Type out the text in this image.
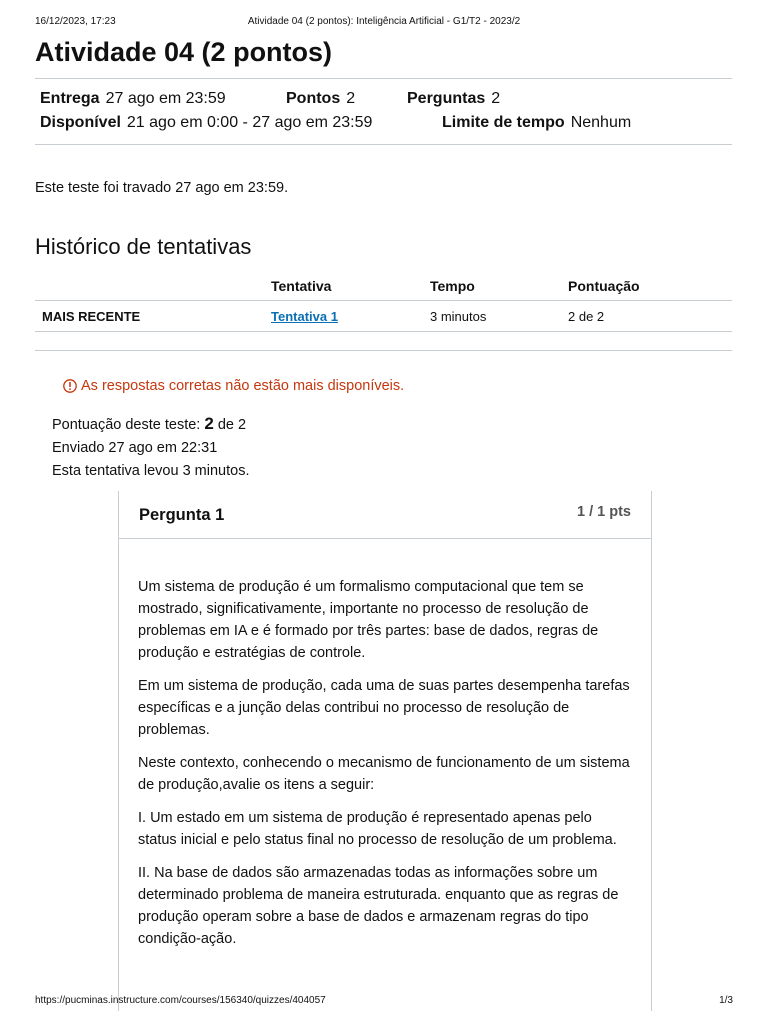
16/12/2023, 17:23	Atividade 04 (2 pontos): Inteligência Artificial - G1/T2 - 2023/2
Atividade 04 (2 pontos)
Entrega 27 ago em 23:59	Pontos 2	Perguntas 2
Disponível 21 ago em 0:00 - 27 ago em 23:59	Limite de tempo Nenhum
Este teste foi travado 27 ago em 23:59.
Histórico de tentativas
	Tentativa	Tempo	Pontuação
MAIS RECENTE	Tentativa 1	3 minutos	2 de 2
As respostas corretas não estão mais disponíveis.
Pontuação deste teste: 2 de 2
Enviado 27 ago em 22:31
Esta tentativa levou 3 minutos.
Pergunta 1	1 / 1 pts

Um sistema de produção é um formalismo computacional que tem se mostrado, significativamente, importante no processo de resolução de problemas em IA e é formado por três partes: base de dados, regras de produção e estratégias de controle.

Em um sistema de produção, cada uma de suas partes desempenha tarefas específicas e a junção delas contribui no processo de resolução de problemas.

Neste contexto, conhecendo o mecanismo de funcionamento de um sistema de produção,avalie os itens a seguir:

I. Um estado em um sistema de produção é representado apenas pelo status inicial e pelo status final no processo de resolução de um problema.

II. Na base de dados são armazenadas todas as informações sobre um determinado problema de maneira estruturada. enquanto que as regras de produção operam sobre a base de dados e armazenam regras do tipo condição-ação.

https://pucminas.instructure.com/courses/156340/quizzes/404057	1/3
